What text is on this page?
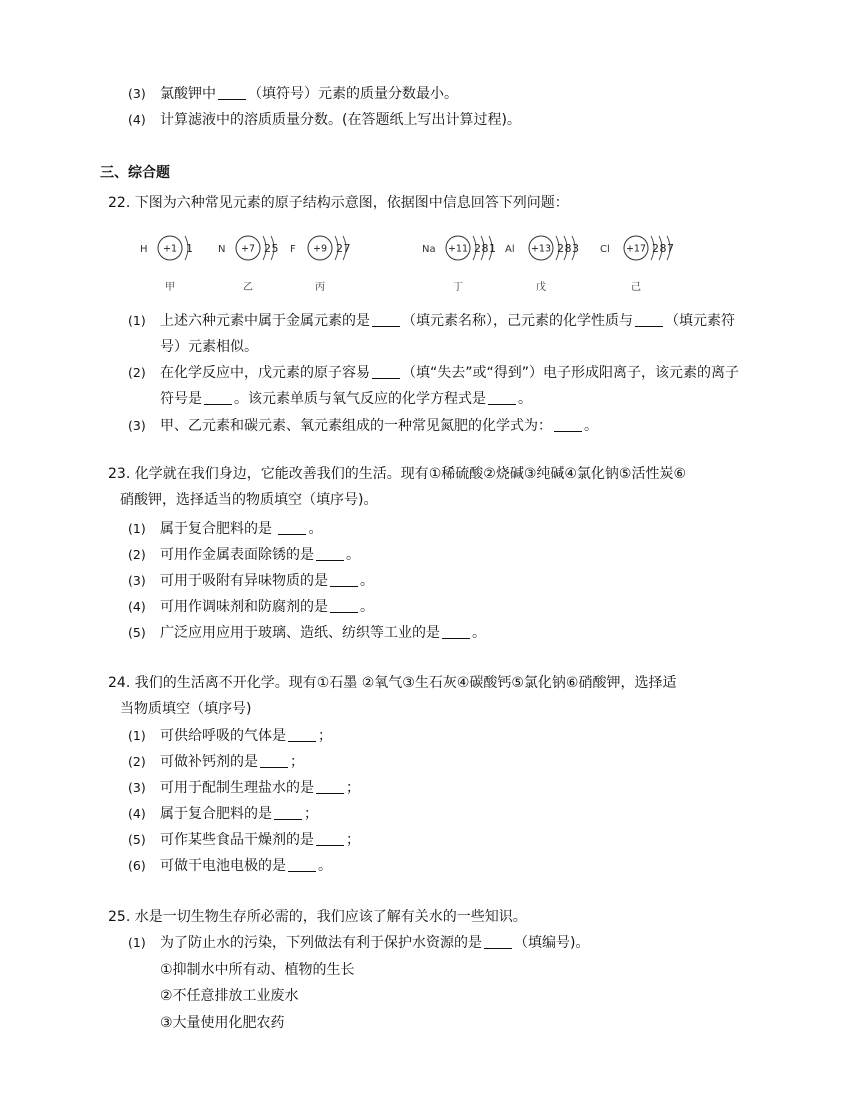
(3) 氯酸钾中 （填符号）元素的质量分数最小。
(4) 计算滤液中的溶质质量分数。(在答题纸上写出计算过程)。
三、综合题
22. 下图为六种常见元素的原子结构示意图，依据图中信息回答下列问题：
H +1 1
甲
N +7 25
乙
F +9 27
丙
Na +11 281
丁
Al +13 283
戊
Cl +17 287
己
(1) 上述六种元素中属于金属元素的是 （填元素名称），己元素的化学性质与 （填元素符
号）元素相似。
(2) 在化学反应中，戊元素的原子容易 （填“失去”或“得到”）电子形成阳离子，该元素的离子
符号是 。该元素单质与氧气反应的化学方程式是 。
(3) 甲、乙元素和碳元素、氧元素组成的一种常见氮肥的化学式为： 。
23. 化学就在我们身边，它能改善我们的生活。现有①稀硫酸②烧碱③纯碱④氯化钠⑤活性炭⑥
硝酸钾，选择适当的物质填空（填序号)。
(1) 属于复合肥料的是 。
(2) 可用作金属表面除锈的是 。
(3) 可用于吸附有异味物质的是 。
(4) 可用作调味剂和防腐剂的是 。
(5) 广泛应用应用于玻璃、造纸、纺织等工业的是 。
24. 我们的生活离不开化学。现有①石墨 ②氧气③生石灰④碳酸钙⑤氯化钠⑥硝酸钾，选择适
当物质填空（填序号)
(1) 可供给呼吸的气体是 ；
(2) 可做补钙剂的是 ；
(3) 可用于配制生理盐水的是 ；
(4) 属于复合肥料的是 ；
(5) 可作某些食品干燥剂的是 ；
(6) 可做干电池电极的是 。
25. 水是一切生物生存所必需的，我们应该了解有关水的一些知识。
(1) 为了防止水的污染，下列做法有利于保护水资源的是 （填编号)。
①抑制水中所有动、植物的生长
②不任意排放工业废水
③大量使用化肥农药
